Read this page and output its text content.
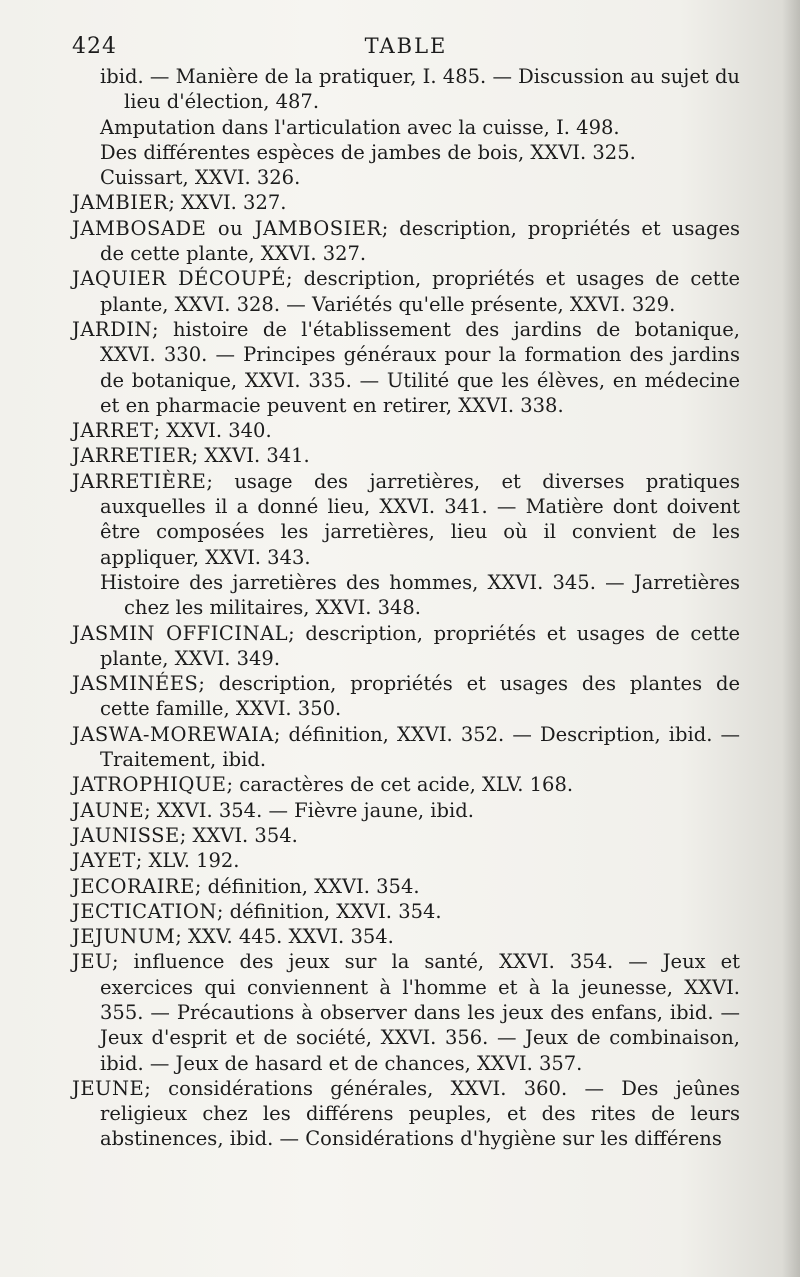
424	TABLE
ibid. — Manière de la pratiquer, I. 485. — Discussion au sujet du lieu d'élection, 487.
Amputation dans l'articulation avec la cuisse, I. 498.
Des différentes espèces de jambes de bois, XXVI. 325.
Cuissart, XXVI. 326.
JAMBIER; XXVI. 327.
JAMBOSADE ou JAMBOSIER; description, propriétés et usages de cette plante, XXVI. 327.
JAQUIER DÉCOUPÉ; description, propriétés et usages de cette plante, XXVI. 328. — Variétés qu'elle présente, XXVI. 329.
JARDIN; histoire de l'établissement des jardins de botanique, XXVI. 330. — Principes généraux pour la formation des jardins de botanique, XXVI. 335. — Utilité que les élèves, en médecine et en pharmacie peuvent en retirer, XXVI. 338.
JARRET; XXVI. 340.
JARRETIER; XXVI. 341.
JARRETIÈRE; usage des jarretières, et diverses pratiques auxquelles il a donné lieu, XXVI. 341. — Matière dont doivent être composées les jarretières, lieu où il convient de les appliquer, XXVI. 343.
Histoire des jarretières des hommes, XXVI. 345. — Jarretières chez les militaires, XXVI. 348.
JASMIN OFFICINAL; description, propriétés et usages de cette plante, XXVI. 349.
JASMINÉES; description, propriétés et usages des plantes de cette famille, XXVI. 350.
JASWA-MOREWAIA; définition, XXVI. 352. — Description, ibid. — Traitement, ibid.
JATROPHIQUE; caractères de cet acide, XLV. 168.
JAUNE; XXVI. 354. — Fièvre jaune, ibid.
JAUNISSE; XXVI. 354.
JAYET; XLV. 192.
JECORAIRE; définition, XXVI. 354.
JECTICATION; définition, XXVI. 354.
JEJUNUM; XXV. 445. XXVI. 354.
JEU; influence des jeux sur la santé, XXVI. 354. — Jeux et exercices qui conviennent à l'homme et à la jeunesse, XXVI. 355. — Précautions à observer dans les jeux des enfans, ibid. — Jeux d'esprit et de société, XXVI. 356. — Jeux de combinaison, ibid. — Jeux de hasard et de chances, XXVI. 357.
JEUNE; considérations générales, XXVI. 360. — Des jeûnes religieux chez les différens peuples, et des rites de leurs abstinences, ibid. — Considérations d'hygiène sur les différens
